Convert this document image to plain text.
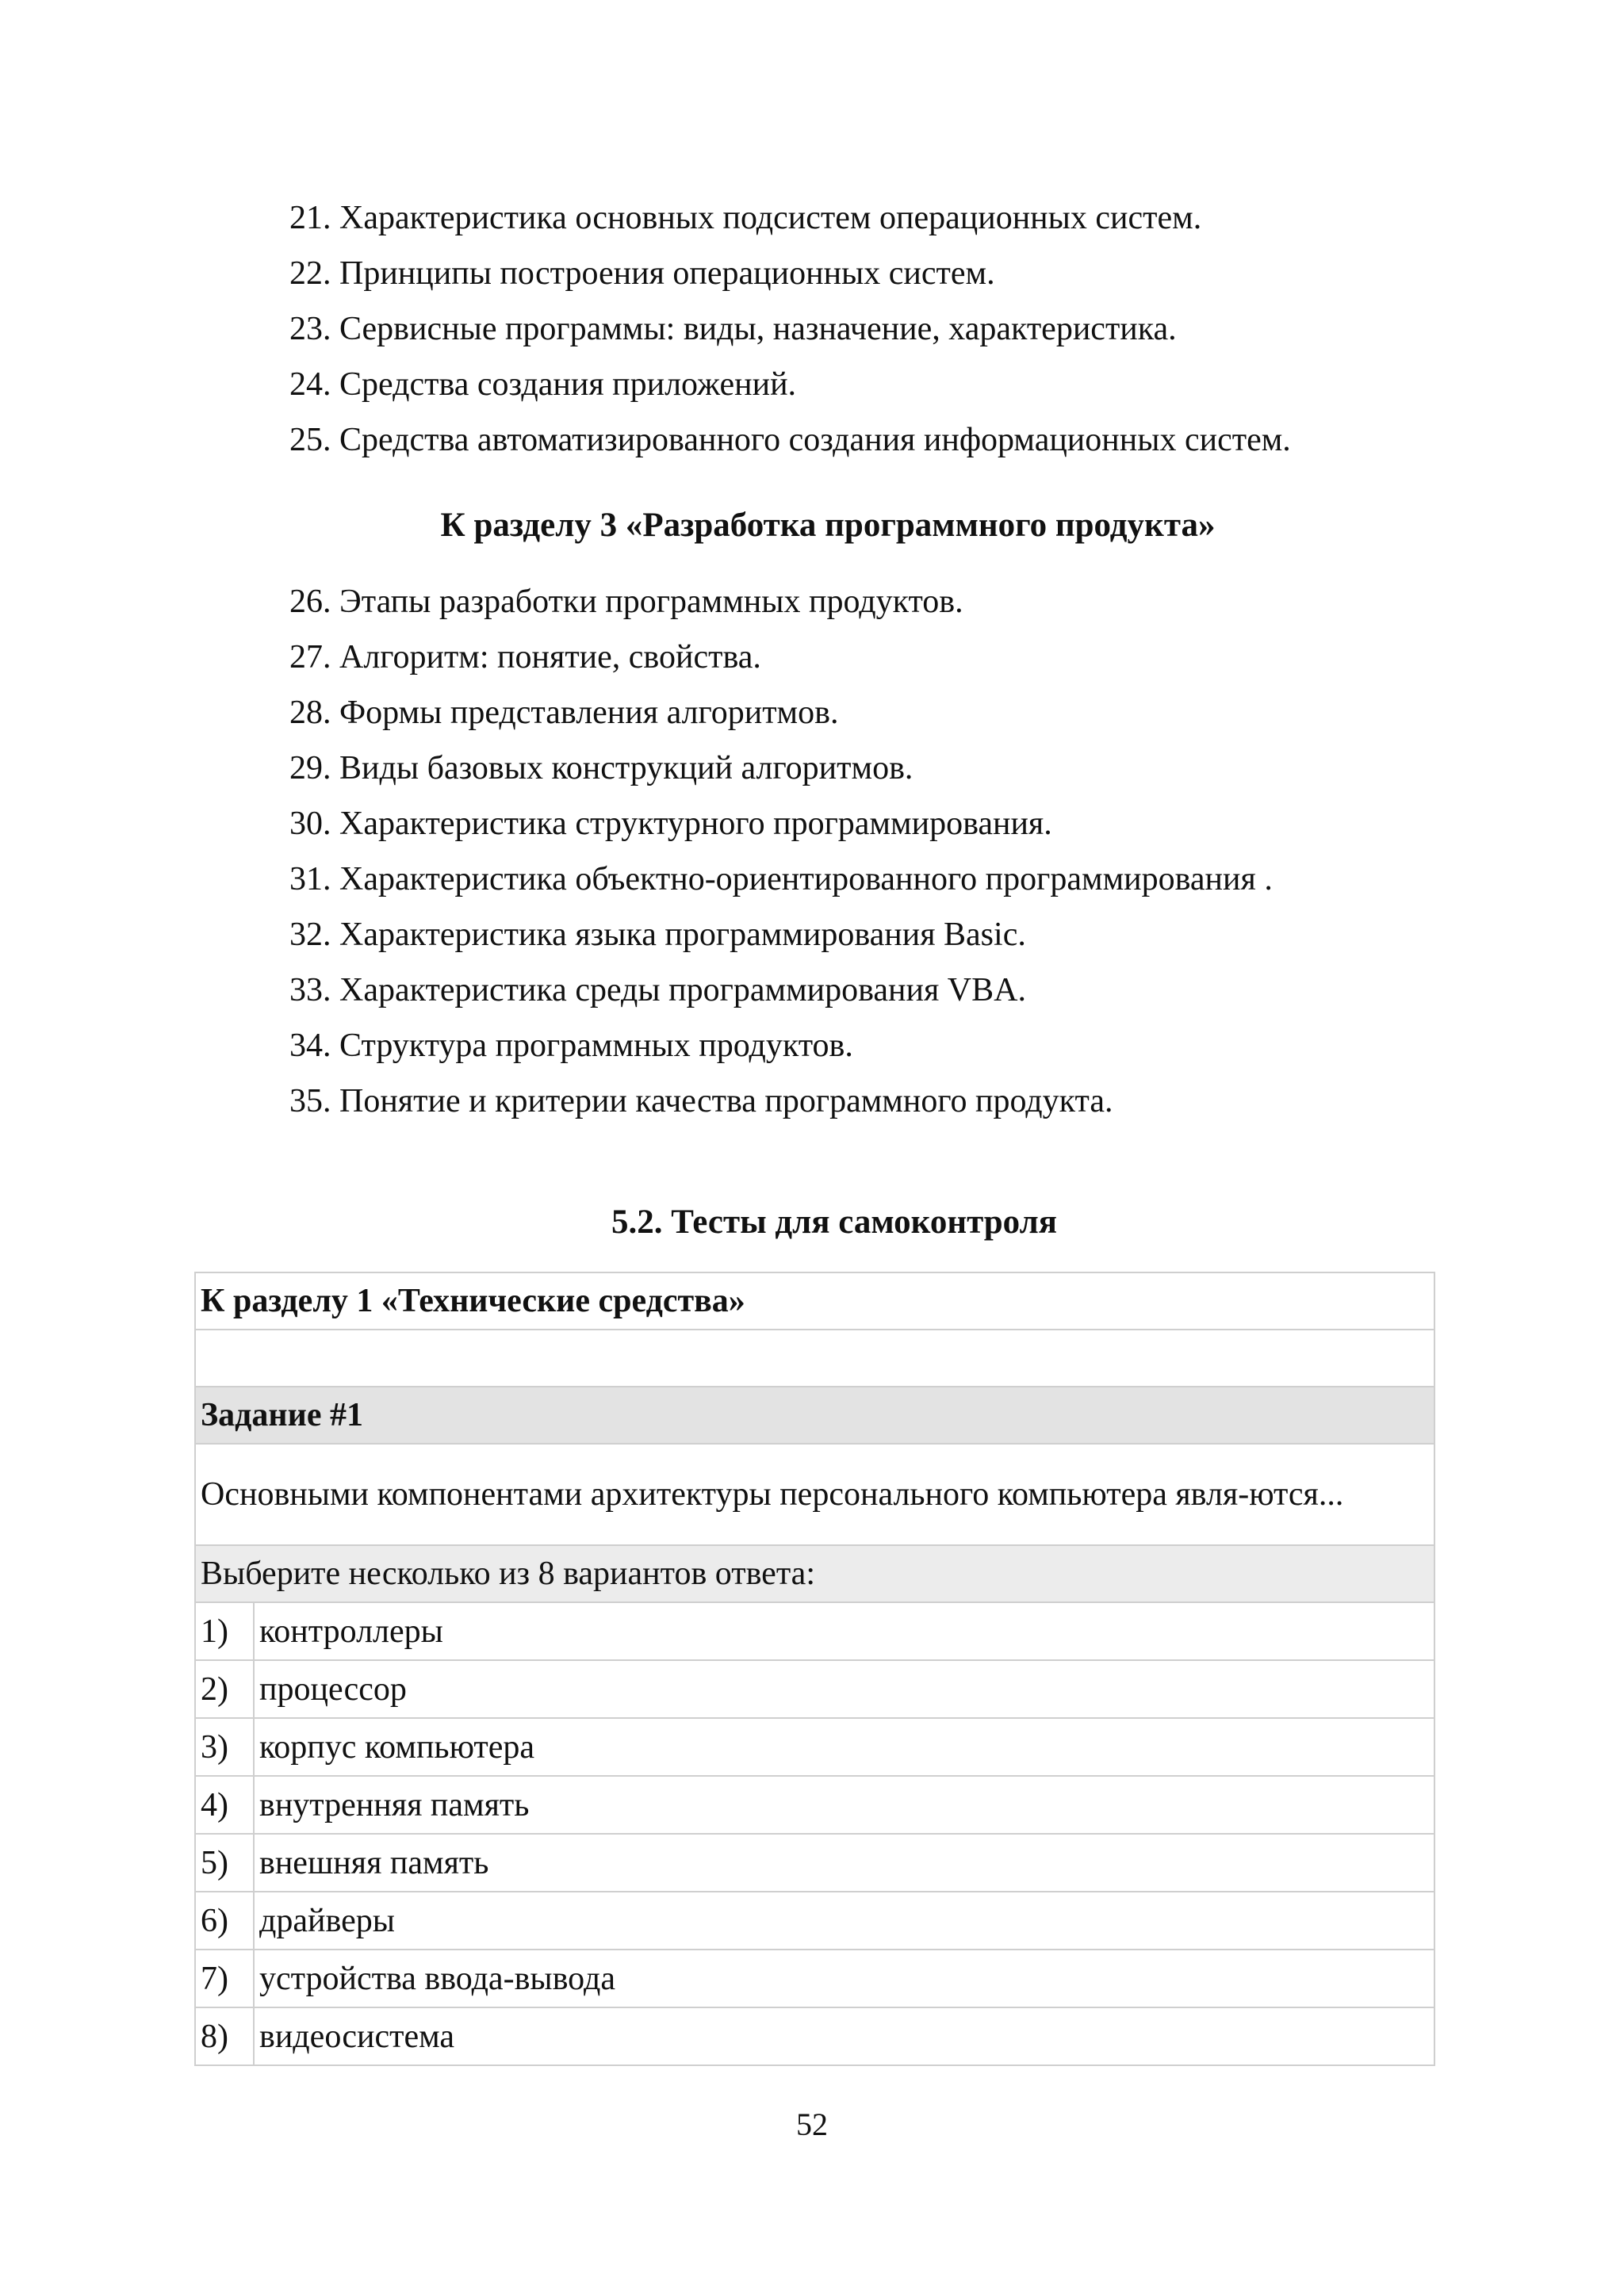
21. Характеристика основных подсистем операционных систем.
22. Принципы построения операционных систем.
23. Сервисные программы: виды, назначение, характеристика.
24. Средства создания приложений.
25. Средства автоматизированного создания информационных систем.
К разделу 3 «Разработка программного продукта»
26. Этапы разработки программных продуктов.
27. Алгоритм: понятие, свойства.
28. Формы представления алгоритмов.
29. Виды базовых конструкций алгоритмов.
30. Характеристика структурного программирования.
31. Характеристика объектно-ориентированного программирования .
32. Характеристика языка программирования Basic.
33. Характеристика среды программирования VBA.
34. Структура программных продуктов.
35. Понятие и критерии качества программного продукта.
5.2. Тесты для самоконтроля
К разделу 1 «Технические средства»	

Задание #1	
Основными компонентами архитектуры персонального компьютера явля-ются...	
Выберите несколько из 8 вариантов ответа:	
1)	контроллеры
2)	процессор
3)	корпус компьютера
4)	внутренняя память
5)	внешняя память
6)	драйверы
7)	устройства ввода-вывода
8)	видеосистема
52
